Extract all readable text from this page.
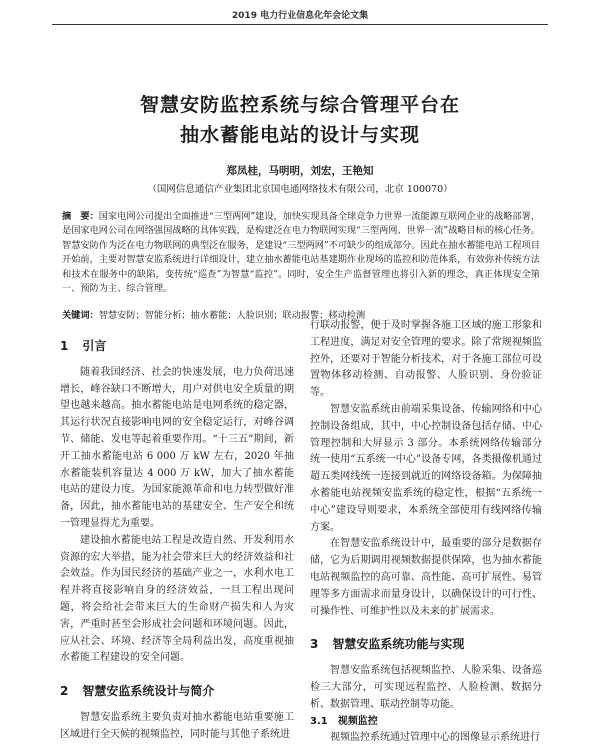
2019 电力行业信息化年会论文集
智慧安防监控系统与综合管理平台在
抽水蓄能电站的设计与实现
郑凤桂，马明明，刘宏，王艳知
（国网信息通信产业集团北京国电通网络技术有限公司，北京 100070）
摘　要：国家电网公司提出全面推进“三型两网”建设，加快实现具备全球竞争力世界一流能源互联网企业的战略部署，是国家电网公司在网络强国战略的具体实践，是构建泛在电力物联网实现“三型两网、世界一流”战略目标的核心任务。智慧安防作为泛在电力物联网的典型泛在服务，是建设“三型两网”不可缺少的组成部分。因此在抽水蓄能电站工程项目开始前，主要对智慧安监系统进行详细设计，建立抽水蓄能电站基建期作业现场的监控和防范体系，有效弥补传统方法和技术在服务中的缺陷，变传统“巡查”为智慧“监控”。同时，安全生产监督管理也将引入新的理念，真正体现安全第一、预防为主、综合管理。
关键词：智慧安防；智能分析；抽水蓄能；人脸识别；联动报警；移动检测
1 引言

随着我国经济、社会的快速发展，电力负荷迅速增长，峰谷缺口不断增大，用户对供电安全质量的期望也越来越高。抽水蓄能电站是电网系统的稳定器，其运行状况直接影响电网的安全稳定运行，对峰谷调节、储能、发电等起着重要作用。“十三五”期间，新开工抽水蓄能电站 6 000 万 kW 左右，2020 年抽水蓄能装机容量达 4 000 万 kW，加大了抽水蓄能电站的建设力度。为国家能源革命和电力转型做好准备，因此，抽水蓄能电站的基建安全、生产安全和统一管理显得尤为重要。

建设抽水蓄能电站工程是改造自然、开发利用水资源的宏大举措，能为社会带来巨大的经济效益和社会效益。作为国民经济的基础产业之一，水利水电工程并将直接影响自身的经济效益，一旦工程出现问题，将会给社会带来巨大的生命财产损失和人为灾害，严重时甚至会形成社会问题和环境问题。因此，应从社会、环境、经济等全局利益出发，高度重视抽水蓄能工程建设的安全问题。

2 智慧安监系统设计与简介

智慧安监系统主要负责对抽水蓄能电站重要施工区域进行全天候的视频监控，同时能与其他子系统进

行联动报警，便于及时掌握各施工区域的施工形象和工程进度，满足对安全管理的要求。除了常规视频监控外，还要对于智能分析技术，对于各施工部位可设置物体移动检测、自动报警、人脸识别、身份验证等。

智慧安监系统由前端采集设备、传输网络和中心控制设备组成，其中，中心控制设备包括存储、中心管理控制和大屏显示 3 部分。本系统网络传输部分统一使用“五系统一中心”设备专网，各类摄像机通过超五类网线统一连接到就近的网络设备箱。为保障抽水蓄能电站视频安监系统的稳定性，根据“五系统一中心”建设导则要求，本系统全部使用有线网络传输方案。

在智慧安监系统设计中，最重要的部分是数据存储，它为后期调用视频数据提供保障，也为抽水蓄能电站视频监控的高可靠、高性能、高可扩展性、易管理等多方面需求而量身设计，以确保设计的可行性、可操作性、可维护性以及未来的扩展需求。

3 智慧安监系统功能与实现

智慧安监系统包括视频监控、人脸采集、设备巡检三大部分，可实现远程监控、人脸检测、数据分析、数据管理、联动控制等功能。

3.1 视频监控

视频监控系统通过管理中心的图像显示系统进行
